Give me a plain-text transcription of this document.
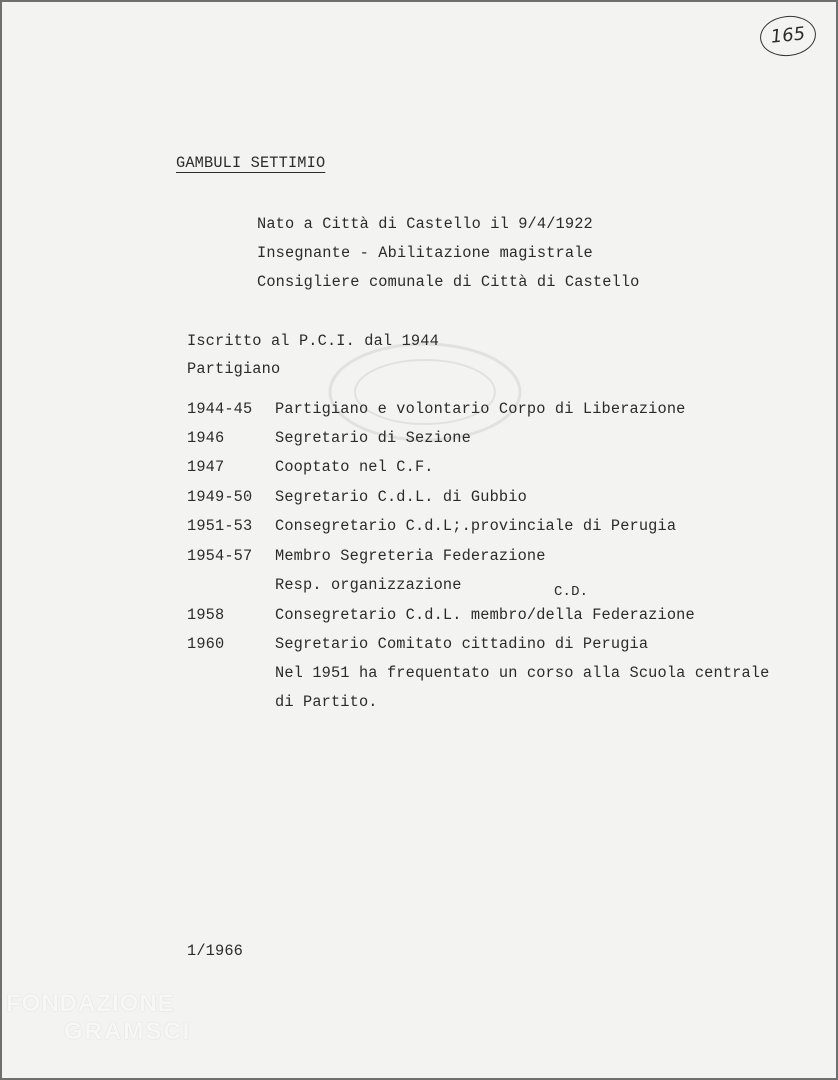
165
GAMBULI SETTIMIO
Nato a Città di Castello il 9/4/1922
Insegnante - Abilitazione magistrale
Consigliere comunale di Città di Castello
Iscritto al P.C.I. dal 1944
Partigiano
1944-45 Partigiano e volontario Corpo di Liberazione
1946	Segretario di Sezione
1947	Cooptato nel C.F.
1949-50 Segretario C.d.L. di Gubbio
1951-53 Consegretario C.d.L;.provinciale di Perugia
1954-57 Membro Segreteria Federazione
Resp. organizzazione	C.D.
1958	Consegretario C.d.L. membro/della Federazione
1960	Segretario Comitato cittadino di Perugia
Nel 1951 ha frequentato un corso alla Scuola centrale
di Partito.
1/1966
FONDAZIONE
GRAMSCI
